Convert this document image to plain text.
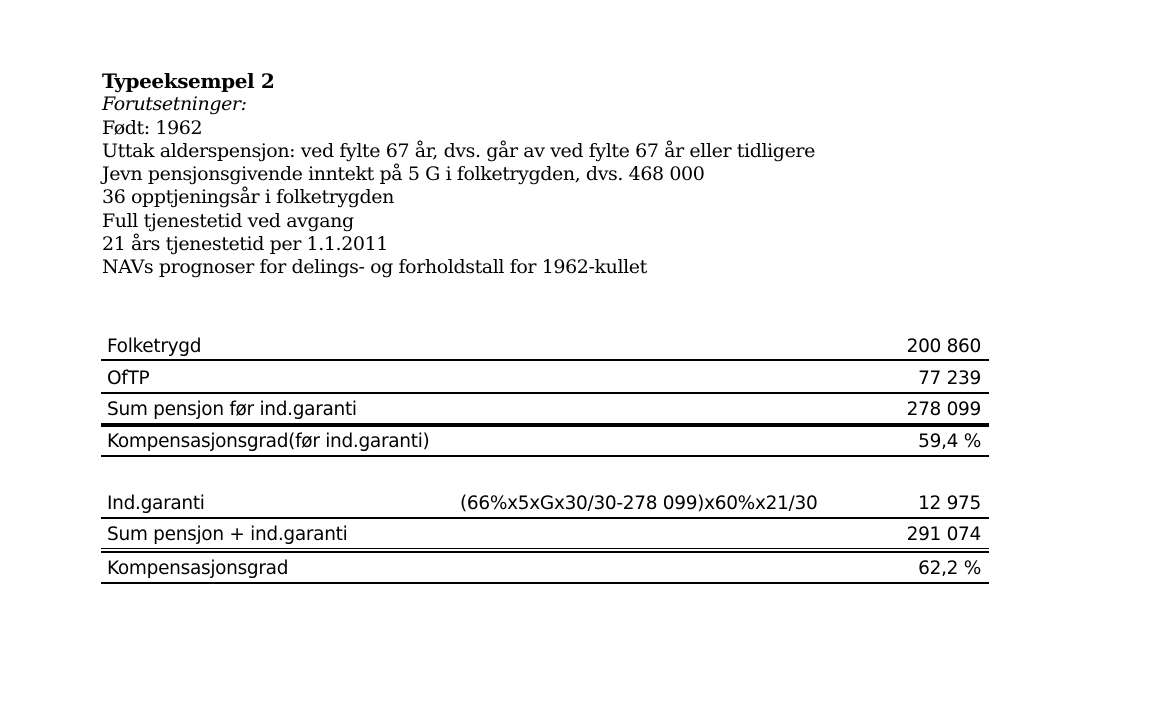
Typeeksempel 2
Forutsetninger:
Født: 1962
Uttak alderspensjon: ved fylte 67 år, dvs. går av ved fylte 67 år eller tidligere
Jevn pensjonsgivende inntekt på 5 G i folketrygden, dvs. 468 000
36 opptjeningsår i folketrygden
Full tjenestetid ved avgang
21 års tjenestetid per 1.1.2011
NAVs prognoser for delings- og forholdstall for 1962-kullet
Folketrygd	200 860
OfTP	77 239
Sum pensjon før ind.garanti	278 099
Kompensasjonsgrad(før ind.garanti)	59,4 %
Ind.garanti	(66%x5xGx30/30-278 099)x60%x21/30	12 975
Sum pensjon + ind.garanti	291 074
Kompensasjonsgrad	62,2 %
